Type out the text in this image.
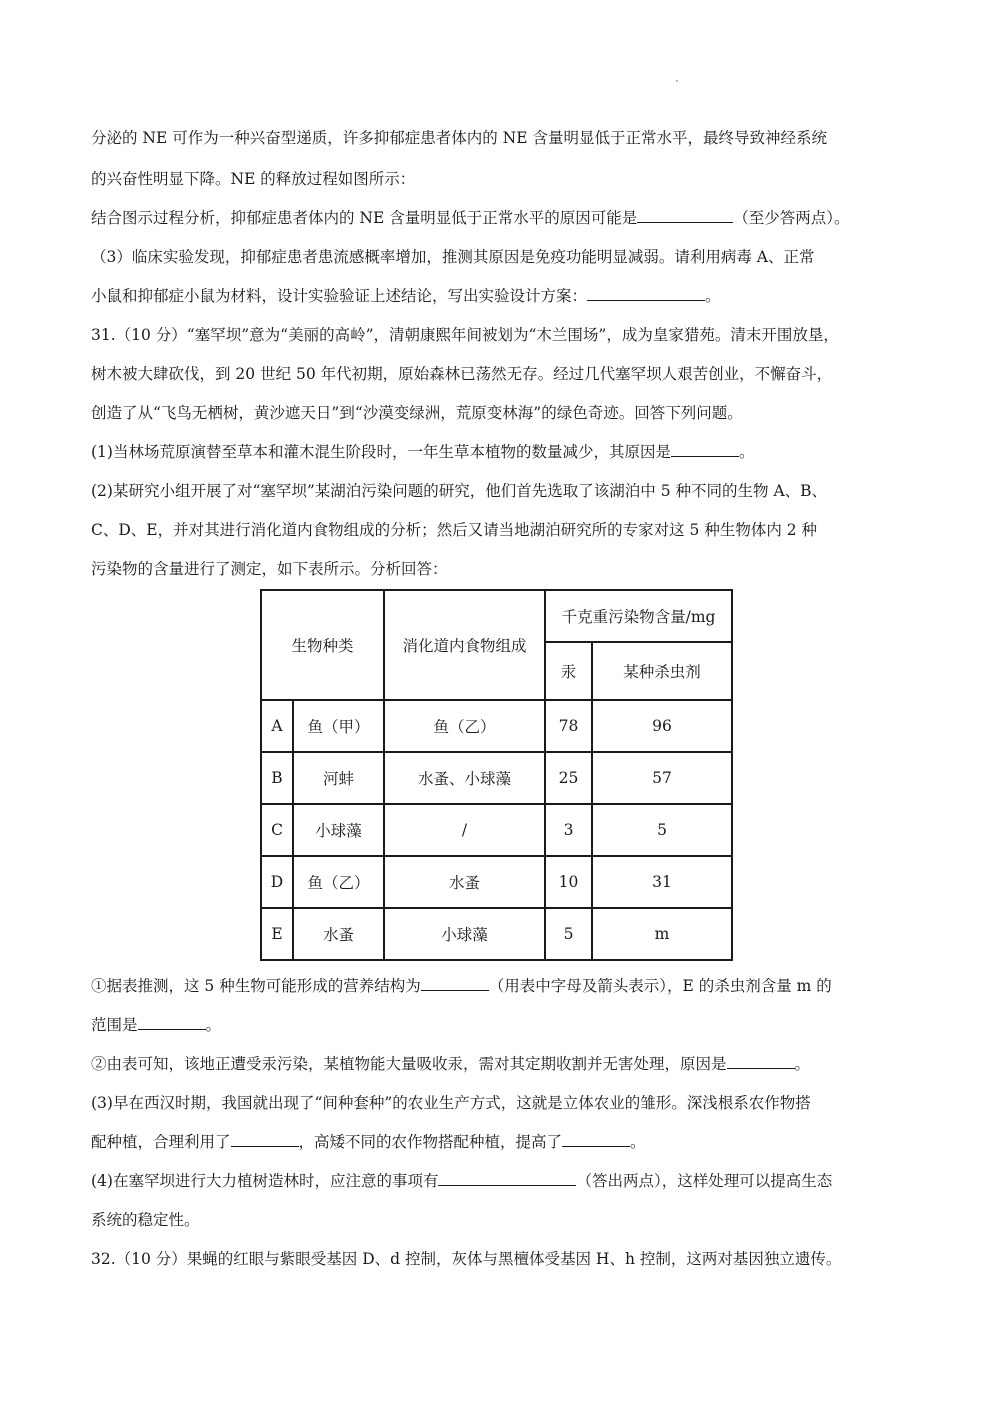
分泌的 NE 可作为一种兴奋型递质，许多抑郁症患者体内的 NE 含量明显低于正常水平，最终导致神经系统
的兴奋性明显下降。NE 的释放过程如图所示：
结合图示过程分析，抑郁症患者体内的 NE 含量明显低于正常水平的原因可能是	（至少答两点）。
（3）临床实验发现，抑郁症患者患流感概率增加，推测其原因是免疫功能明显减弱。请利用病毒 A、正常
小鼠和抑郁症小鼠为材料，设计实验验证上述结论，写出实验设计方案：	。
31.（10 分）“塞罕坝”意为“美丽的高岭”，清朝康熙年间被划为“木兰围场”，成为皇家猎苑。清末开围放垦，
树木被大肆砍伐，到 20 世纪 50 年代初期，原始森林已荡然无存。经过几代塞罕坝人艰苦创业，不懈奋斗，
创造了从“飞鸟无栖树，黄沙遮天日”到“沙漠变绿洲，荒原变林海”的绿色奇迹。回答下列问题。
(1)当林场荒原演替至草本和灌木混生阶段时，一年生草本植物的数量减少，其原因是	。
(2)某研究小组开展了对“塞罕坝”某湖泊污染问题的研究，他们首先选取了该湖泊中 5 种不同的生物 A、B、
C、D、E，并对其进行消化道内食物组成的分析；然后又请当地湖泊研究所的专家对这 5 种生物体内 2 种
污染物的含量进行了测定，如下表所示。分析回答：
生物种类		消化道内食物组成	千克重污染物含量/mg	
			汞	某种杀虫剂
A	鱼（甲）	鱼（乙）	78	96
B	河蚌	水蚤、小球藻	25	57
C	小球藻	/	3	5
D	鱼（乙）	水蚤	10	31
E	水蚤	小球藻	5	m
①据表推测，这 5 种生物可能形成的营养结构为	（用表中字母及箭头表示），E 的杀虫剂含量 m 的
范围是	。
②由表可知，该地正遭受汞污染，某植物能大量吸收汞，需对其定期收割并无害处理，原因是	。
(3)早在西汉时期，我国就出现了“间种套种”的农业生产方式，这就是立体农业的雏形。深浅根系农作物搭
配种植，合理利用了	，高矮不同的农作物搭配种植，提高了	。
(4)在塞罕坝进行大力植树造林时，应注意的事项有	（答出两点），这样处理可以提高生态
系统的稳定性。
32.（10 分）果蝇的红眼与紫眼受基因 D、d 控制，灰体与黑檀体受基因 H、h 控制，这两对基因独立遗传。
